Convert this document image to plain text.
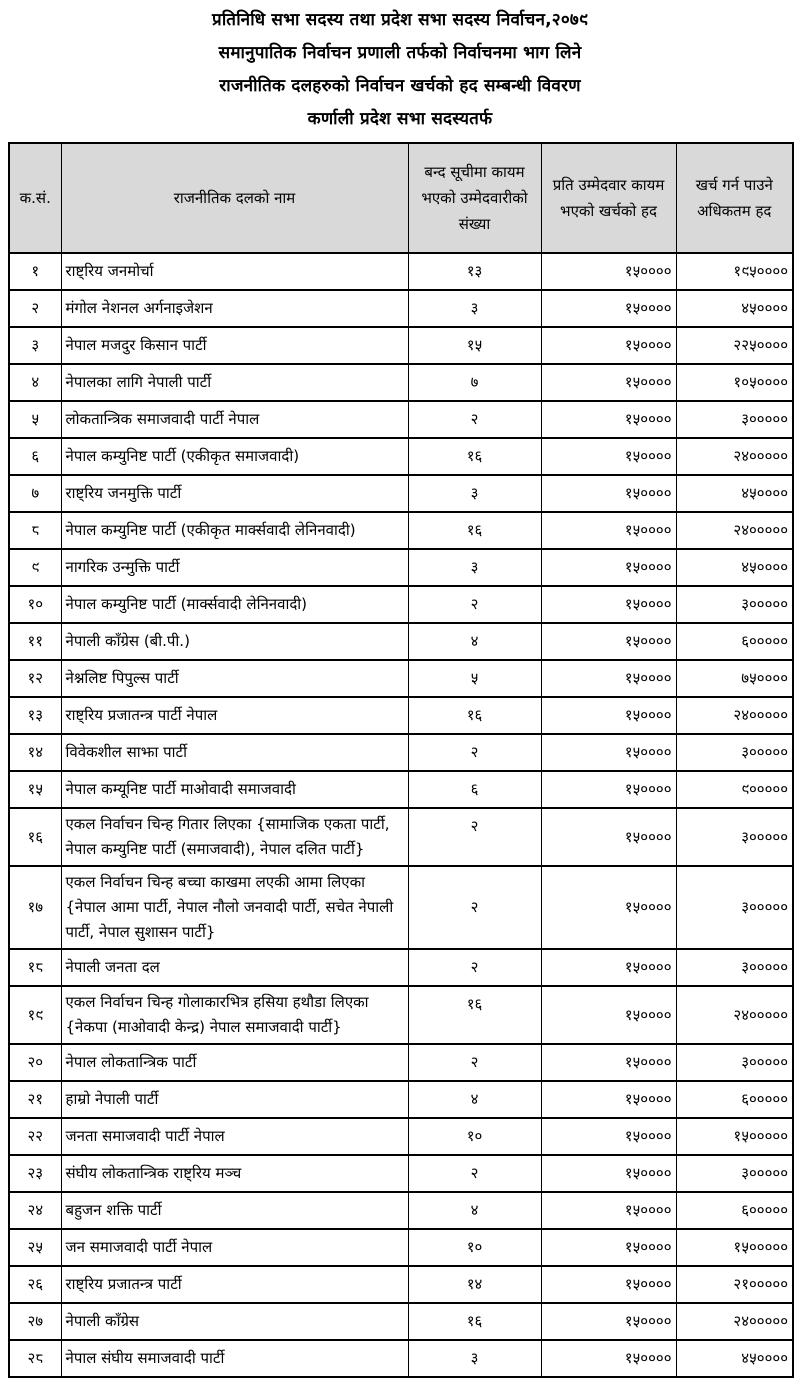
प्रतिनिधि सभा सदस्य तथा प्रदेश सभा सदस्य निर्वाचन,२०७९

समानुपातिक निर्वाचन प्रणाली तर्फको निर्वाचनमा भाग लिने

राजनीतिक दलहरुको निर्वाचन खर्चको हद सम्बन्धी विवरण

कर्णाली प्रदेश सभा सदस्यतर्फ

क.सं.	राजनीतिक दलको नाम	बन्द सूचीमा कायम भएको उम्मेदवारीको संख्या	प्रति उम्मेदवार कायम भएको खर्चको हद	खर्च गर्न पाउने अधिकतम हद
१	राष्ट्रिय जनमोर्चा	१३	१५००००	१९५००००
२	मंगोल नेशनल अर्गनाइजेशन	३	१५००००	४५००००
३	नेपाल मजदुर किसान पार्टी	१५	१५००००	२२५००००
४	नेपालका लागि नेपाली पार्टी	७	१५००००	१०५००००
५	लोकतान्त्रिक समाजवादी पार्टी नेपाल	२	१५००००	३०००००
६	नेपाल कम्युनिष्ट पार्टी (एकीकृत समाजवादी)	१६	१५००००	२४०००००
७	राष्ट्रिय जनमुक्ति पार्टी	३	१५००००	४५००००
८	नेपाल कम्युनिष्ट पार्टी (एकीकृत मार्क्सवादी लेनिनवादी)	१६	१५००००	२४०००००
९	नागरिक उन्मुक्ति पार्टी	३	१५००००	४५००००
१०	नेपाल कम्युनिष्ट पार्टी (मार्क्सवादी लेनिनवादी)	२	१५००००	३०००००
११	नेपाली काँग्रेस (बी.पी.)	४	१५००००	६०००००
१२	नेश्नलिष्ट पिपुल्स पार्टी	५	१५००००	७५००००
१३	राष्ट्रिय प्रजातन्त्र पार्टी नेपाल	१६	१५००००	२४०००००
१४	विवेकशील साझा पार्टी	२	१५००००	३०००००
१५	नेपाल कम्यूनिष्ट पार्टी माओवादी समाजवादी	६	१५००००	९०००००
१६	एकल निर्वाचन चिन्ह गितार लिएका {सामाजिक एकता पार्टी, नेपाल कम्युनिष्ट पार्टी (समाजवादी), नेपाल दलित पार्टी}	२	१५००००	३०००००
१७	एकल निर्वाचन चिन्ह बच्चा काखमा लएकी आमा लिएका {नेपाल आमा पार्टी, नेपाल नौलो जनवादी पार्टी, सचेत नेपाली पार्टी, नेपाल सुशासन पार्टी}	२	१५००००	३०००००
१८	नेपाली जनता दल	२	१५००००	३०००००
१९	एकल निर्वाचन चिन्ह गोलाकारभित्र हसिया हथौडा लिएका {नेकपा (माओवादी केन्द्र) नेपाल समाजवादी पार्टी}	१६	१५००००	२४०००००
२०	नेपाल लोकतान्त्रिक पार्टी	२	१५००००	३०००००
२१	हाम्रो नेपाली पार्टी	४	१५००००	६०००००
२२	जनता समाजवादी पार्टी नेपाल	१०	१५००००	१५०००००
२३	संघीय लोकतान्त्रिक राष्ट्रिय मञ्च	२	१५००००	३०००००
२४	बहुजन शक्ति पार्टी	४	१५००००	६०००००
२५	जन समाजवादी पार्टी नेपाल	१०	१५००००	१५०००००
२६	राष्ट्रिय प्रजातन्त्र पार्टी	१४	१५००००	२१०००००
२७	नेपाली काँग्रेस	१६	१५००००	२४०००००
२८	नेपाल संघीय समाजवादी पार्टी	३	१५००००	४५००००
